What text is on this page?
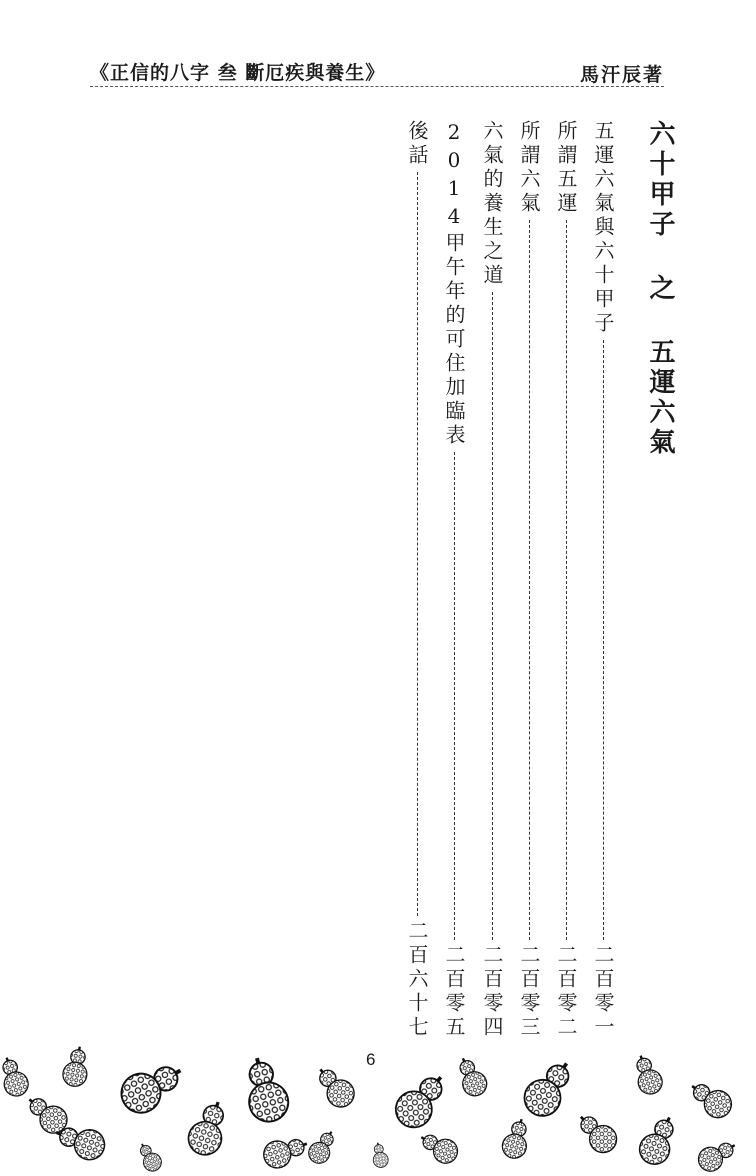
《正信的八字 叁 斷厄疾與養生》	馬汗辰著
六十甲子 之 五運六氣
五運六氣與六十甲子
二百零一
所謂五運
二百零二
所謂六氣
二百零三
六氣的養生之道
二百零四
2014甲午年的可住加臨表
二百零五
後話
二百六十七
6
